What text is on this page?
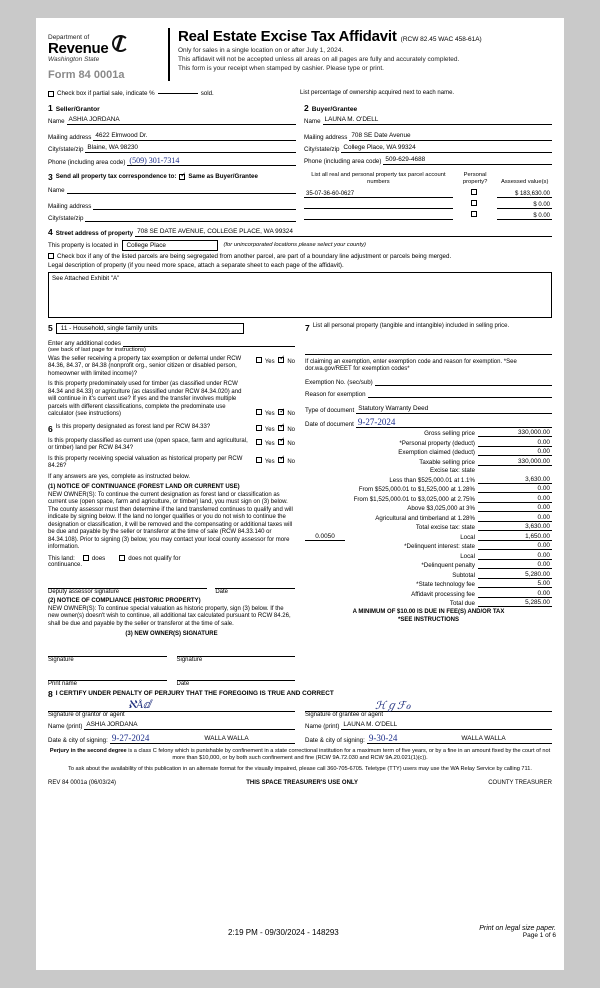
Department of
Revenue
Washington State
Form 84 0001a
Real Estate Excise Tax Affidavit (RCW 82.45 WAC 458-61A)
Only for sales in a single location on or after July 1, 2024.
This affidavit will not be accepted unless all areas on all pages are fully and accurately completed.
This form is your receipt when stamped by cashier. Please type or print.
Check box if partial sale, indicate %	sold.	List percentage of ownership acquired next to each name.
1 Seller/Grantor
Name ASHIA JORDANA
Mailing address 4622 Elmwood Dr.
City/state/zip Blaine, WA 98230
Phone (including area code) (509) 301-7314
2 Buyer/Grantee
Name LAUNA M. O'DELL
Mailing address 708 SE Date Avenue
City/state/zip College Place, WA 99324
Phone (including area code) 509-629-4688
3 Send all property tax correspondence to: ✓ Same as Buyer/Grantee
Name
Mailing address
City/state/zip
List all real and personal property tax parcel account numbers	Personal property?	Assessed value(s)
35-07-36-60-0627		$ 183,630.00
		$ 0.00
		$ 0.00
4 Street address of property 708 SE DATE AVENUE, COLLEGE PLACE, WA 99324
This property is located in	College Place	(for unincorporated locations please select your county)
Check box if any of the listed parcels are being segregated from another parcel, are part of a boundary line adjustment or parcels being merged.
Legal description of property (if you need more space, attach a separate sheet to each page of the affidavit).
See Attached Exhibit "A"
5	11 - Household, single family units
Enter any additional codes
(see back of last page for instructions)
Was the seller receiving a property tax exemption or deferral under RCW 84.36, 84.37, or 84.38 (nonprofit org., senior citizen or disabled person, homeowner with limited income)?
Yes ✓No
Is this property predominately used for timber (as classified under RCW 84.34 and 84.33) or agriculture (as classified under RCW 84.34.020) and will continue in it's current use? If yes and the transfer involves multiple parcels with different classifications, complete the predominate use calculator (see instructions)	Yes ✓No
6 Is this property designated as forest land per RCW 84.33?	Yes ✓No
Is this property classified as current use (open space, farm and agricultural, or timber) land per RCW 84.34?
Yes ✓No
Is this property receiving special valuation as historical property per RCW 84.26?
Yes ✓No
If any answers are yes, complete as instructed below.
(1) NOTICE OF CONTINUANCE (FOREST LAND OR CURRENT USE)
NEW OWNER(S): To continue the current designation as forest land or classification as current use (open space, farm and agriculture, or timber) land, you must sign on (3) below. The county assessor must then determine if the land transferred continues to qualify and will indicate by signing below. If the land no longer qualifies or you do not wish to continue the designation or classification, it will be removed and the compensating or additional taxes will be due and payable by the seller or transferor at the time of sale (RCW 84.33.140 or 84.34.108). Prior to signing (3) below, you may contact your local county assessor for more information.
This land:	does	does not qualify for
continuance.
Deputy assessor signature	Date
(2) NOTICE OF COMPLIANCE (HISTORIC PROPERTY)
NEW OWNER(S): To continue special valuation as historic property, sign (3) below. If the new owner(s) doesn't wish to continue, all additional tax calculated pursuant to RCW 84.26, shall be due and payable by the seller or transferor at the time of sale.
(3) NEW OWNER(S) SIGNATURE
Signature	Signature
Print name	Date
7 List all personal property (tangible and intangible) included in selling price.
If claiming an exemption, enter exemption code and reason for exemption. *See dor.wa.gov/REET for exemption codes*
Exemption No. (sec/sub)
Reason for exemption
Type of document Statutory Warranty Deed
Date of document 9-27-2024
Gross selling price	330,000.00
*Personal property (deduct)	0.00
Exemption claimed (deduct)	0.00
Taxable selling price	330,000.00
Excise tax: state
Less than $525,000.01 at 1.1%	3,630.00
From $525,000.01 to $1,525,000 at 1.28%	0.00
From $1,525,000.01 to $3,025,000 at 2.75%	0.00
Above $3,025,000 at 3%	0.00
Agricultural and timberland at 1.28%	0.00
Total excise tax: state	3,630.00
0.0050	Local	1,650.00
*Delinquent interest: state	0.00
Local	0.00
*Delinquent penalty	0.00
Subtotal	5,280.00
*State technology fee	5.00
Affidavit processing fee	0.00
Total due	5,285.00
A MINIMUM OF $10.00 IS DUE IN FEE(S) AND/OR TAX
*SEE INSTRUCTIONS
8 I CERTIFY UNDER PENALTY OF PERJURY THAT THE FOREGOING IS TRUE AND CORRECT
ℵÅⅆ
Signature of grantor or agent
Name (print) ASHIA JORDANA
Date & city of signing: 9-27-2024	WALLA WALLA
ℋℊℱℴ
Signature of grantee or agent
Name (print) LAUNA M. O'DELL
Date & city of signing: 9-30-24	WALLA WALLA
Perjury in the second degree is a class C felony which is punishable by confinement in a state correctional institution for a maximum term of five years, or by a fine in an amount fixed by the court of not more than $10,000, or by both such confinement and fine (RCW 9A.72.030 and RCW 9A.20.021(1)(c)).
To ask about the availability of this publication in an alternate format for the visually impaired, please call 360-705-6705. Teletype (TTY) users may use the WA Relay Service by calling 711.
REV 84 0001a (06/03/24)	THIS SPACE TREASURER'S USE ONLY	COUNTY TREASURER
2:19 PM - 09/30/2024 - 148293	Print on legal size paper.
Page 1 of 6
